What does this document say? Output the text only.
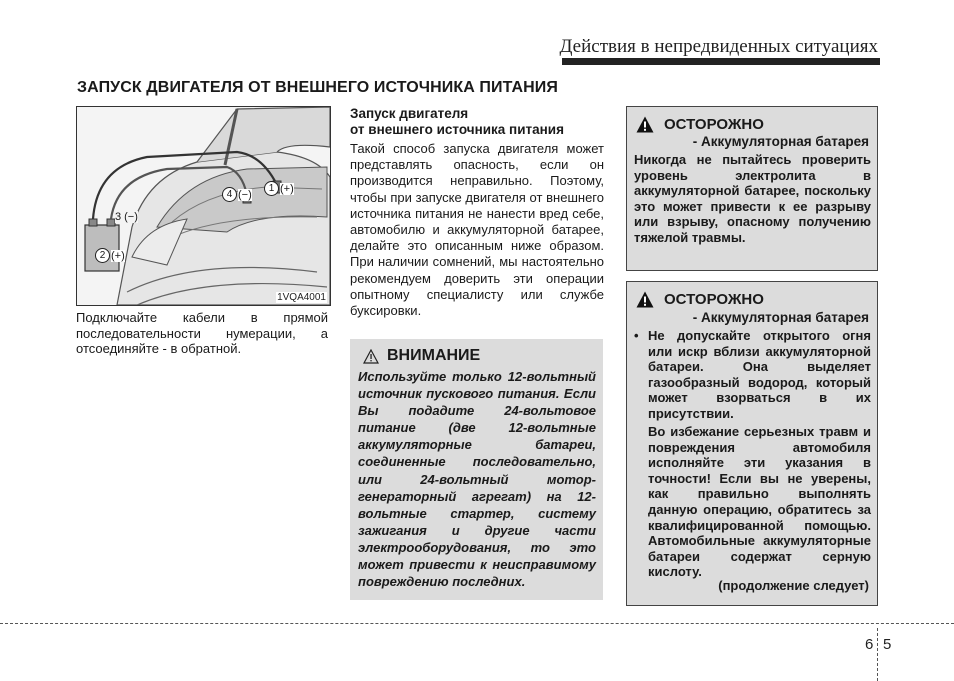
Действия в непредвиденных ситуациях
ЗАПУСК ДВИГАТЕЛЯ ОТ ВНЕШНЕГО ИСТОЧНИКА ПИТАНИЯ
1 (+)
4 (−)
3 (−)
2 (+)
1VQA4001
Подключайте кабели в прямой последовательности нумерации, а отсоединяйте - в обратной.
Запуск двигателя
от внешнего источника питания
Такой способ запуска двигателя может представлять опасность, если он производится неправильно. Поэтому, чтобы при запуске двигателя от внешнего источника питания не нанести вред себе, автомобилю и аккумуляторной батарее, делайте это описанным ниже образом. При наличии сомнений, мы настоятельно рекомендуем доверить эти операции опытному специалисту или службе буксировки.
ВНИМАНИЕ
Используйте только 12-вольтный источник пускового питания. Если Вы подадите 24-вольтовое питание (две 12-вольтные аккумуляторные батареи, соединенные последовательно, или 24-вольтный мотор-генераторный агрегат) на 12-вольтные стартер, систему зажигания и другие части электрооборудования, то это может привести к неисправимому повреждению последних.
ОСТОРОЖНО
- Аккумуляторная батарея
Никогда не пытайтесь проверить уровень электролита в аккумуляторной батарее, поскольку это может привести к ее разрыву или взрыву, опасному получению тяжелой травмы.
ОСТОРОЖНО
- Аккумуляторная батарея
• Не допускайте открытого огня или искр вблизи аккумуляторной батареи. Она выделяет газообразный водород, который может взорваться в их присутствии.
Во избежание серьезных травм и повреждения автомобиля исполняйте эти указания в точности! Если вы не уверены, как правильно выполнять данную операцию, обратитесь за квалифицированной помощью. Автомобильные аккумуляторные батареи содержат серную кислоту.
(продолжение следует)
6 5
